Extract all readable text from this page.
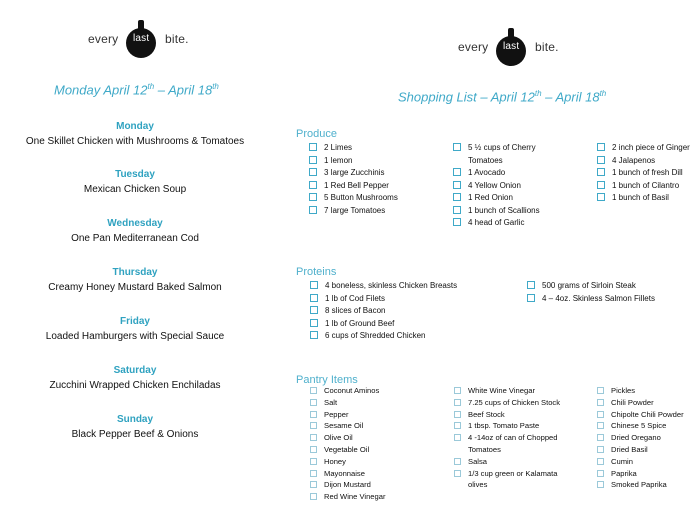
every last bite.
every last bite.
Monday April 12th – April 18th
Monday
One Skillet Chicken with Mushrooms & Tomatoes
Tuesday
Mexican Chicken Soup
Wednesday
One Pan Mediterranean Cod
Thursday
Creamy Honey Mustard Baked Salmon
Friday
Loaded Hamburgers with Special Sauce
Saturday
Zucchini Wrapped Chicken Enchiladas
Sunday
Black Pepper Beef & Onions
Shopping List – April 12th – April 18th
Produce
2 Limes
1 lemon
3 large Zucchinis
1 Red Bell Pepper
5 Button Mushrooms
7 large Tomatoes
5 ½ cups of Cherry Tomatoes
1 Avocado
4 Yellow Onion
1 Red Onion
1 bunch of Scallions
4 head of Garlic
2 inch piece of Ginger
4 Jalapenos
1 bunch of fresh Dill
1 bunch of Cilantro
1 bunch of Basil
Proteins
4 boneless, skinless Chicken Breasts
1 lb of Cod Filets
8 slices of Bacon
1 lb of Ground Beef
6 cups of Shredded Chicken
500 grams of Sirloin Steak
4 – 4oz. Skinless Salmon Fillets
Pantry Items
Coconut Aminos
Salt
Pepper
Sesame Oil
Olive Oil
Vegetable Oil
Honey
Mayonnaise
Dijon Mustard
Red Wine Vinegar
White Wine Vinegar
7.25 cups of Chicken Stock
Beef Stock
1 tbsp. Tomato Paste
4 -14oz of can of Chopped Tomatoes
Salsa
1/3 cup green or Kalamata olives
Pickles
Chili Powder
Chipolte Chili Powder
Chinese 5 Spice
Dried Oregano
Dried Basil
Cumin
Paprika
Smoked Paprika
